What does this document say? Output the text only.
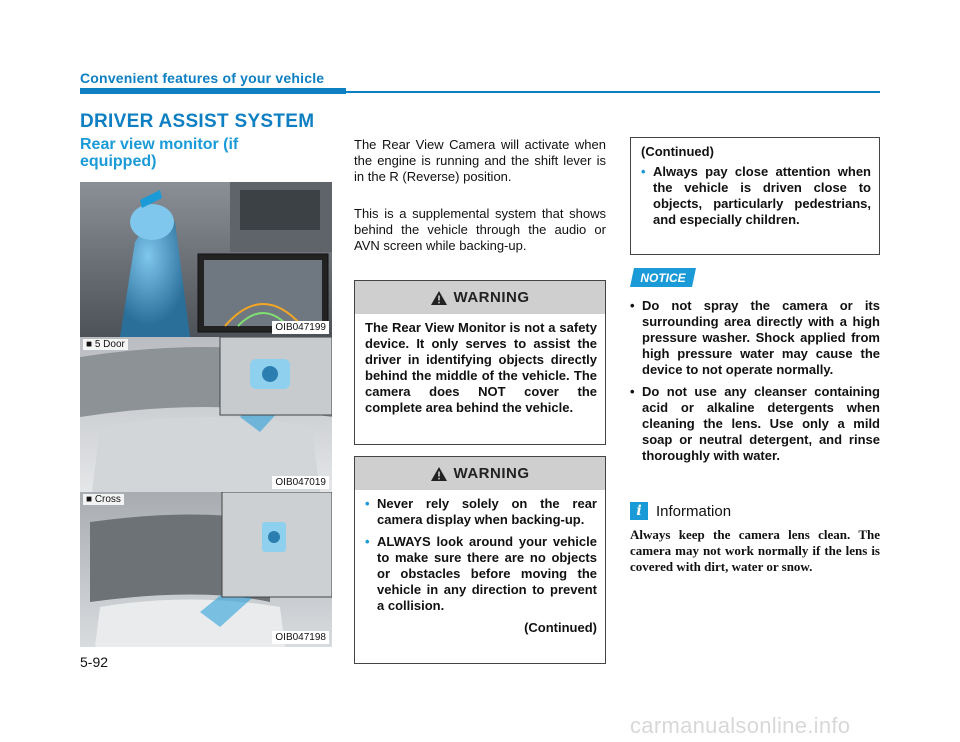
Convenient features of your vehicle
DRIVER ASSIST SYSTEM
Rear view monitor (if equipped)
OIB047199
■ 5 Door
OIB047019
■ Cross
OIB047198

The Rear View Camera will activate when the engine is running and the shift lever is in the R (Reverse) position.

This is a supplemental system that shows behind the vehicle through the audio or AVN screen while backing-up.

WARNING
The Rear View Monitor is not a safety device. It only serves to assist the driver in identifying objects directly behind the middle of the vehicle. The camera does NOT cover the complete area behind the vehicle.
WARNING
• Never rely solely on the rear camera display when backing-up.
• ALWAYS look around your vehicle to make sure there are no objects or obstacles before moving the vehicle in any direction to prevent a collision.
(Continued)
(Continued)
• Always pay close attention when the vehicle is driven close to objects, particularly pedestrians, and especially children.
NOTICE
• Do not spray the camera or its surrounding area directly with a high pressure washer. Shock applied from high pressure water may cause the device to not operate normally.
• Do not use any cleanser containing acid or alkaline detergents when cleaning the lens. Use only a mild soap or neutral detergent, and rinse thoroughly with water.
i Information
Always keep the camera lens clean. The camera may not work normally if the lens is covered with dirt, water or snow.
5-92
carmanualsonline.info
